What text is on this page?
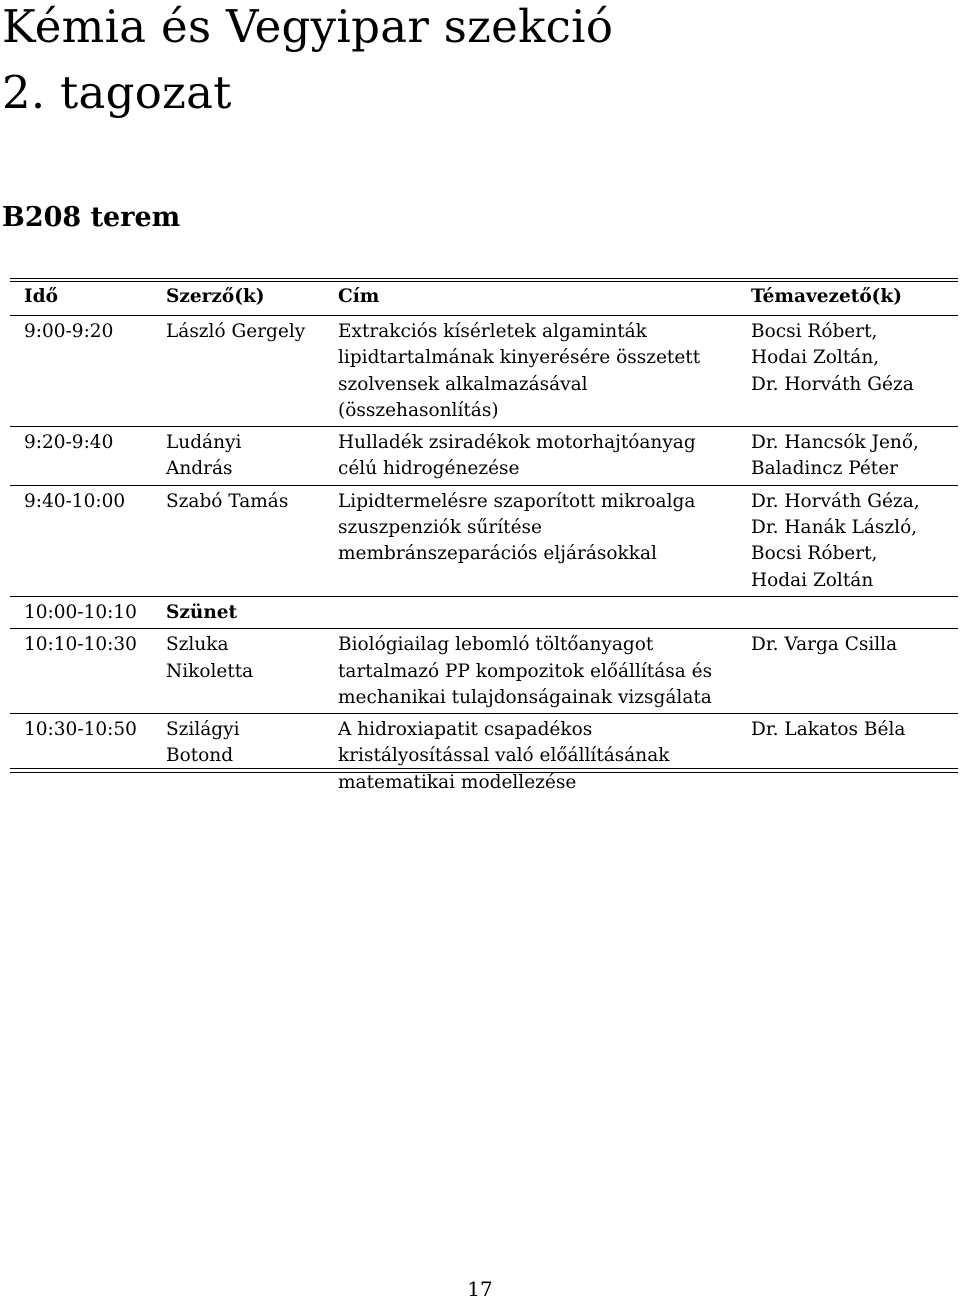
Kémia és Vegyipar szekció
2. tagozat
B208 terem
Idő	Szerző(k)	Cím	Témavezető(k)
9:00-9:20	László Gergely	Extrakciós kísérletek algaminták
lipidtartalmának kinyerésére összetett
szolvensek alkalmazásával
(összehasonlítás)	Bocsi Róbert,
Hodai Zoltán,
Dr. Horváth Géza

9:20-9:40	Ludányi
András	Hulladék zsiradékok motorhajtóanyag
célú hidrogénezése	Dr. Hancsók Jenő,
Baladincz Péter

9:40-10:00	Szabó Tamás	Lipidtermelésre szaporított mikroalga
szuszpenziók sűrítése
membránszeparációs eljárásokkal	Dr. Horváth Géza,
Dr. Hanák László,
Bocsi Róbert,
Hodai Zoltán

10:00-10:10	Szünet		

10:10-10:30	Szluka
Nikoletta	Biológiailag lebomló töltőanyagot
tartalmazó PP kompozitok előállítása és
mechanikai tulajdonságainak vizsgálata	Dr. Varga Csilla

10:30-10:50	Szilágyi
Botond	A hidroxiapatit csapadékos
kristályosítással való előállításának
matematikai modellezése	Dr. Lakatos Béla
17
